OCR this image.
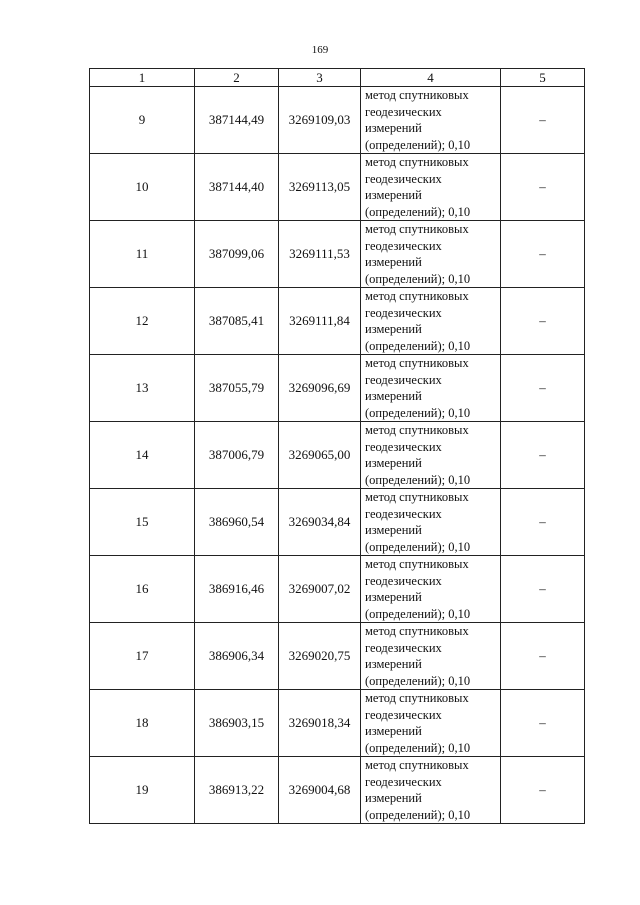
169
1	2	3	4	5
9	387144,49	3269109,03	метод спутниковых
геодезических
измерений
(определений); 0,10	–
10	387144,40	3269113,05	метод спутниковых
геодезических
измерений
(определений); 0,10	–
11	387099,06	3269111,53	метод спутниковых
геодезических
измерений
(определений); 0,10	–
12	387085,41	3269111,84	метод спутниковых
геодезических
измерений
(определений); 0,10	–
13	387055,79	3269096,69	метод спутниковых
геодезических
измерений
(определений); 0,10	–
14	387006,79	3269065,00	метод спутниковых
геодезических
измерений
(определений); 0,10	–
15	386960,54	3269034,84	метод спутниковых
геодезических
измерений
(определений); 0,10	–
16	386916,46	3269007,02	метод спутниковых
геодезических
измерений
(определений); 0,10	–
17	386906,34	3269020,75	метод спутниковых
геодезических
измерений
(определений); 0,10	–
18	386903,15	3269018,34	метод спутниковых
геодезических
измерений
(определений); 0,10	–
19	386913,22	3269004,68	метод спутниковых
геодезических
измерений
(определений); 0,10	–
